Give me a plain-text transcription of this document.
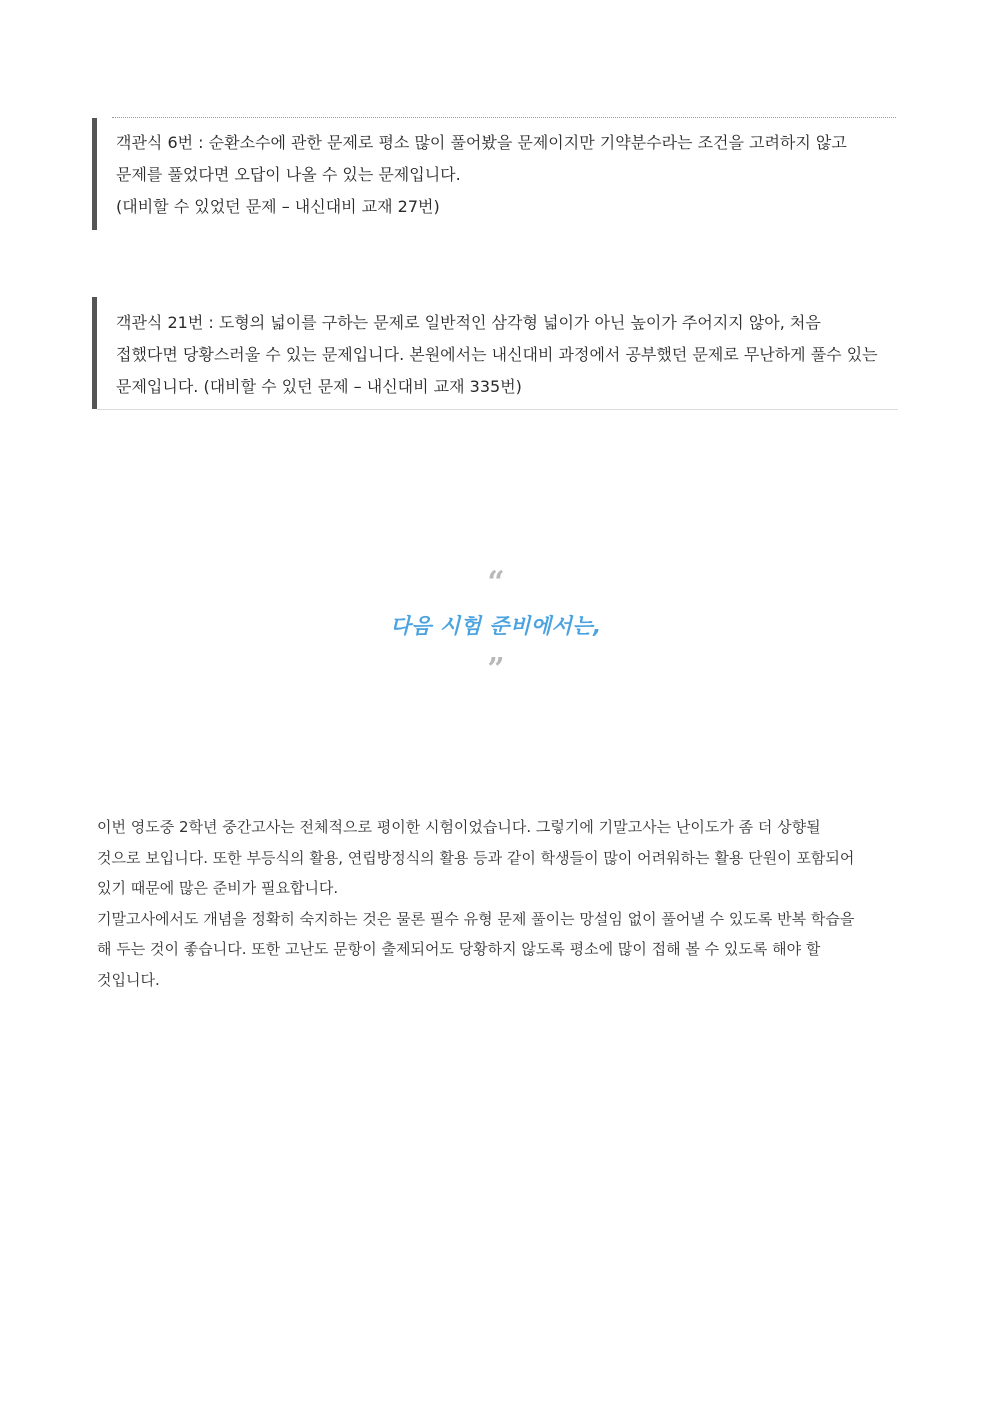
객관식 6번 : 순환소수에 관한 문제로 평소 많이 풀어봤을 문제이지만 기약분수라는 조건을 고려하지 않고

문제를 풀었다면 오답이 나올 수 있는 문제입니다.

(대비할 수 있었던 문제 – 내신대비 교재 27번)

객관식 21번 : 도형의 넓이를 구하는 문제로 일반적인 삼각형 넓이가 아닌 높이가 주어지지 않아, 처음

접했다면 당황스러울 수 있는 문제입니다. 본원에서는 내신대비 과정에서 공부했던 문제로 무난하게 풀수 있는

문제입니다. (대비할 수 있던 문제 – 내신대비 교재 335번)

“
다음 시험 준비에서는,
”

이번 영도중 2학년 중간고사는 전체적으로 평이한 시험이었습니다. 그렇기에 기말고사는 난이도가 좀 더 상향될

것으로 보입니다. 또한 부등식의 활용, 연립방정식의 활용 등과 같이 학생들이 많이 어려워하는 활용 단원이 포함되어

있기 때문에 많은 준비가 필요합니다.

기말고사에서도 개념을 정확히 숙지하는 것은 물론 필수 유형 문제 풀이는 망설임 없이 풀어낼 수 있도록 반복 학습을

해 두는 것이 좋습니다. 또한 고난도 문항이 출제되어도 당황하지 않도록 평소에 많이 접해 볼 수 있도록 해야 할

것입니다.
